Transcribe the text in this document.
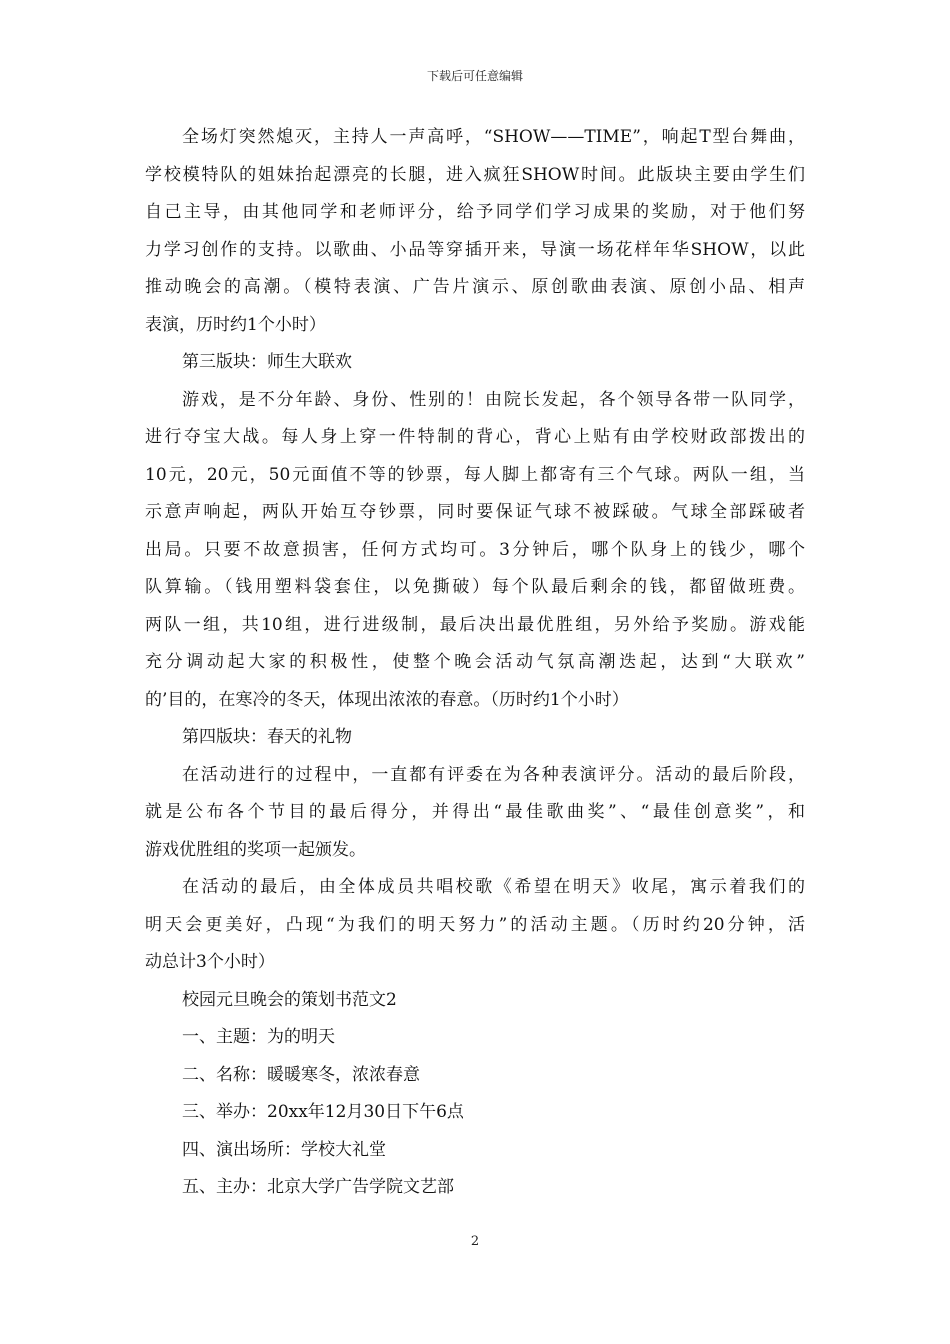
下载后可任意编辑
全场灯突然熄灭，主持人一声高呼，“SHOW——TIME”，响起T型台舞曲，
学校模特队的姐妹抬起漂亮的长腿，进入疯狂SHOW时间。此版块主要由学生们
自己主导，由其他同学和老师评分，给予同学们学习成果的奖励，对于他们努
力学习创作的支持。以歌曲、小品等穿插开来，导演一场花样年华SHOW，以此
推动晚会的高潮。（模特表演、广告片演示、原创歌曲表演、原创小品、相声
表演，历时约1个小时）
第三版块：师生大联欢
游戏，是不分年龄、身份、性别的！由院长发起，各个领导各带一队同学，
进行夺宝大战。每人身上穿一件特制的背心，背心上贴有由学校财政部拨出的
10元，20元，50元面值不等的钞票，每人脚上都寄有三个气球。两队一组，当
示意声响起，两队开始互夺钞票，同时要保证气球不被踩破。气球全部踩破者
出局。只要不故意损害，任何方式均可。3分钟后，哪个队身上的钱少，哪个
队算输。（钱用塑料袋套住，以免撕破）每个队最后剩余的钱，都留做班费。
两队一组，共10组，进行进级制，最后决出最优胜组，另外给予奖励。游戏能
充分调动起大家的积极性，使整个晚会活动气氛高潮迭起，达到“大联欢”
的’目的，在寒冷的冬天，体现出浓浓的春意。（历时约1个小时）
第四版块：春天的礼物
在活动进行的过程中，一直都有评委在为各种表演评分。活动的最后阶段，
就是公布各个节目的最后得分，并得出“最佳歌曲奖”、“最佳创意奖”，和
游戏优胜组的奖项一起颁发。
在活动的最后，由全体成员共唱校歌《希望在明天》收尾，寓示着我们的
明天会更美好，凸现“为我们的明天努力”的活动主题。（历时约20分钟，活
动总计3个小时）
校园元旦晚会的策划书范文2
一、主题：为的明天
二、名称：暖暖寒冬，浓浓春意
三、举办：20xx年12月30日下午6点
四、演出场所：学校大礼堂
五、主办：北京大学广告学院文艺部
2
